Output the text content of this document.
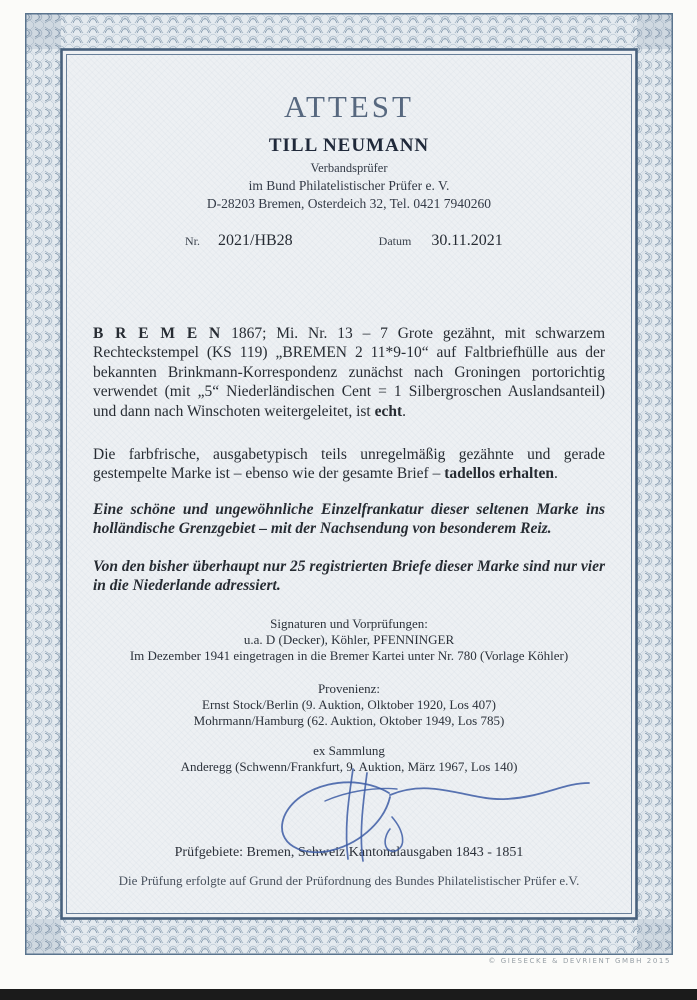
ATTEST
TILL NEUMANN
Verbandsprüfer
im Bund Philatelistischer Prüfer e. V.
D-28203 Bremen, Osterdeich 32, Tel. 0421 7940260
Nr. 2021/HB28	Datum 30.11.2021
B R E M E N 1867; Mi. Nr. 13 – 7 Grote gezähnt, mit schwarzem Rechteckstempel (KS 119) „BREMEN 2 11*9-10“ auf Faltbriefhülle aus der bekannten Brinkmann-Korrespondenz zunächst nach Groningen portorichtig verwendet (mit „5“ Niederländischen Cent = 1 Silbergroschen Auslandsanteil) und dann nach Winschoten weitergeleitet, ist echt.
Die farbfrische, ausgabetypisch teils unregelmäßig gezähnte und gerade gestempelte Marke ist – ebenso wie der gesamte Brief – tadellos erhalten.
Eine schöne und ungewöhnliche Einzelfrankatur dieser seltenen Marke ins holländische Grenzgebiet – mit der Nachsendung von besonderem Reiz.
Von den bisher überhaupt nur 25 registrierten Briefe dieser Marke sind nur vier in die Niederlande adressiert.
Signaturen und Vorprüfungen:
u.a. D (Decker), Köhler, PFENNINGER
Im Dezember 1941 eingetragen in die Bremer Kartei unter Nr. 780 (Vorlage Köhler)
Provenienz:
Ernst Stock/Berlin (9. Auktion, Olktober 1920, Los 407)
Mohrmann/Hamburg (62. Auktion, Oktober 1949, Los 785)
ex Sammlung
Anderegg (Schwenn/Frankfurt, 9. Auktion, März 1967, Los 140)
Prüfgebiete: Bremen, Schweiz Kantonalausgaben 1843 - 1851
Die Prüfung erfolgte auf Grund der Prüfordnung des Bundes Philatelistischer Prüfer e.V.
© GIESECKE & DEVRIENT GMBH 2015
